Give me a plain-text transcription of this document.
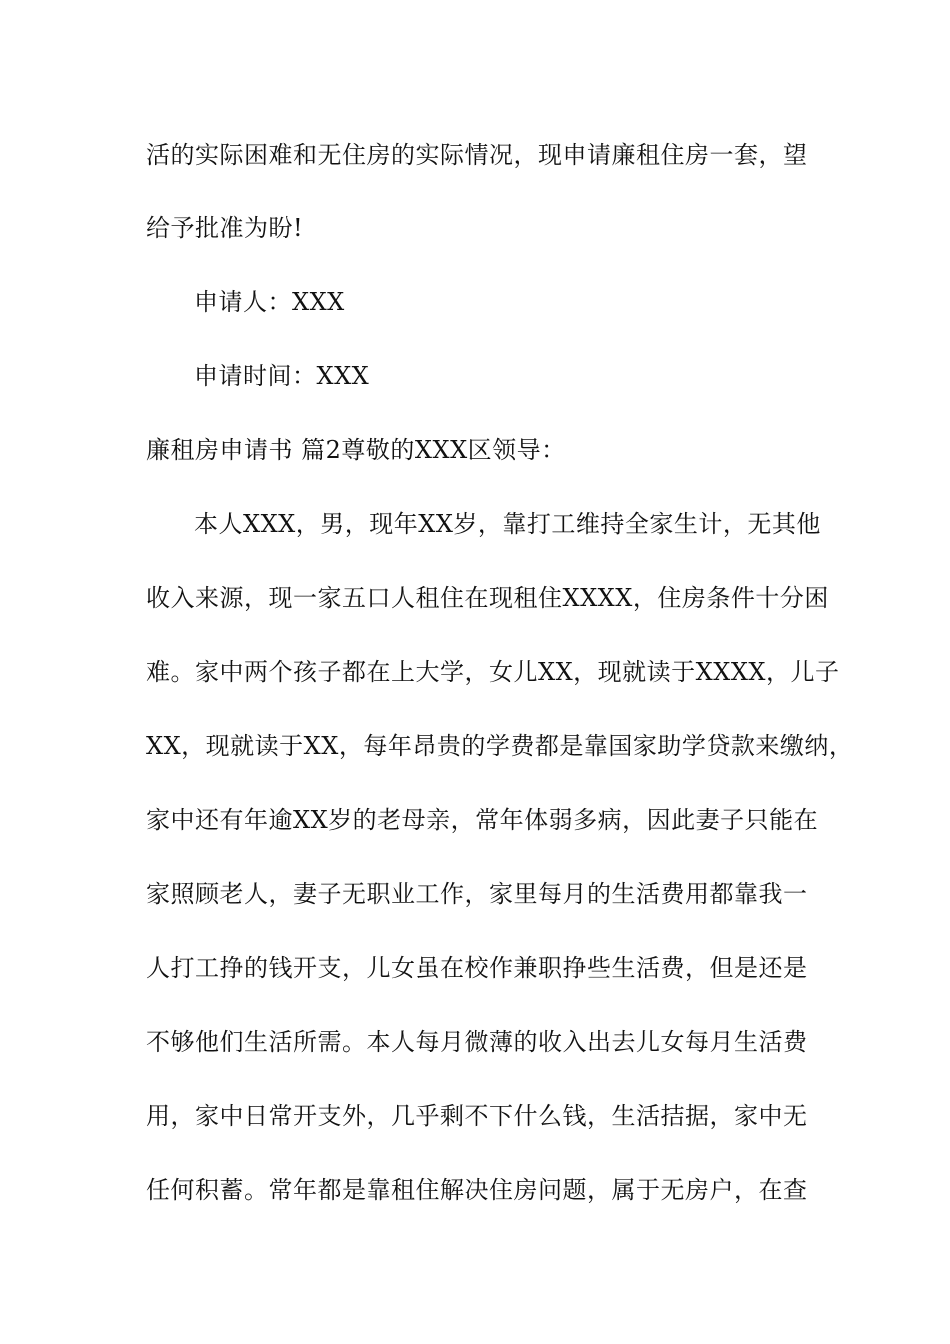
活的实际困难和无住房的实际情况，现申请廉租住房一套，望
给予批准为盼!
申请人：XXX
申请时间：XXX
廉租房申请书 篇2尊敬的XXX区领导：
本人XXX，男，现年XX岁，靠打工维持全家生计，无其他
收入来源，现一家五口人租住在现租住XXXX，住房条件十分困
难。家中两个孩子都在上大学，女儿XX，现就读于XXXX，儿子
XX，现就读于XX，每年昂贵的学费都是靠国家助学贷款来缴纳，
家中还有年逾XX岁的老母亲，常年体弱多病，因此妻子只能在
家照顾老人，妻子无职业工作，家里每月的生活费用都靠我一
人打工挣的钱开支，儿女虽在校作兼职挣些生活费，但是还是
不够他们生活所需。本人每月微薄的收入出去儿女每月生活费
用，家中日常开支外，几乎剩不下什么钱，生活拮据，家中无
任何积蓄。常年都是靠租住解决住房问题，属于无房户，在查
